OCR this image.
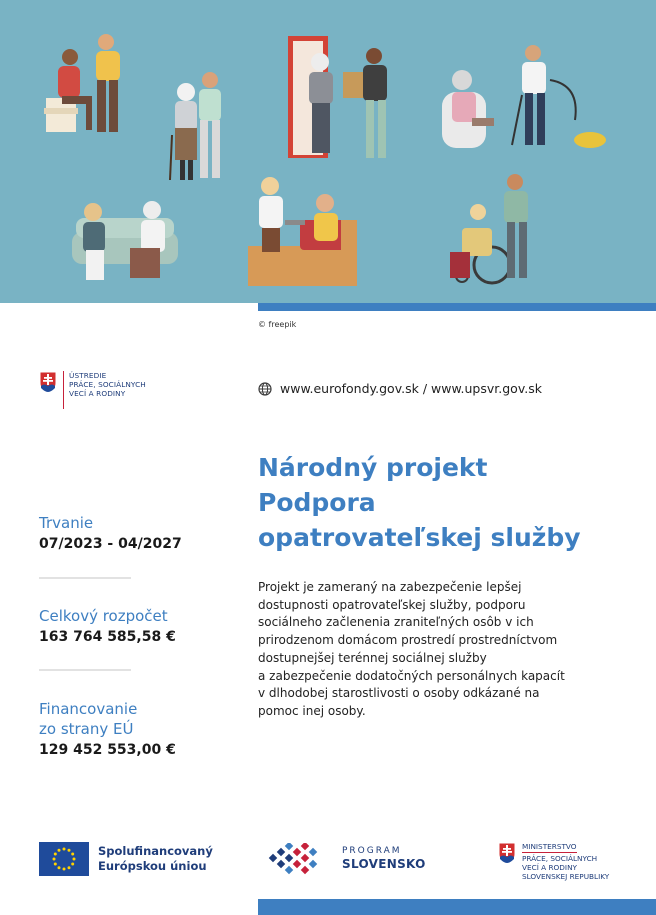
© freepik
ÚSTREDIE
PRÁCE, SOCIÁLNYCH
VECÍ A RODINY	www.eurofondy.gov.sk / www.upsvr.gov.sk
Národný projekt
Podpora
opatrovateľskej služby
Trvanie
07/2023 - 04/2027
Celkový rozpočet
163 764 585,58 €
Financovanie
zo strany EÚ
129 452 553,00 €
Projekt je zameraný na zabezpečenie lepšej
dostupnosti opatrovateľskej služby, podporu
sociálneho začlenenia zraniteľných osôb v ich
prirodzenom domácom prostredí prostredníctvom
dostupnejšej terénnej sociálnej služby
a zabezpečenie dodatočných personálnych kapacít
v dlhodobej starostlivosti o osoby odkázané na
pomoc inej osoby.
Spolufinancovaný
Európskou úniou
PROGRAM
SLOVENSKO
MINISTERSTVO
PRÁCE, SOCIÁLNYCH
VECÍ A RODINY
SLOVENSKEJ REPUBLIKY
